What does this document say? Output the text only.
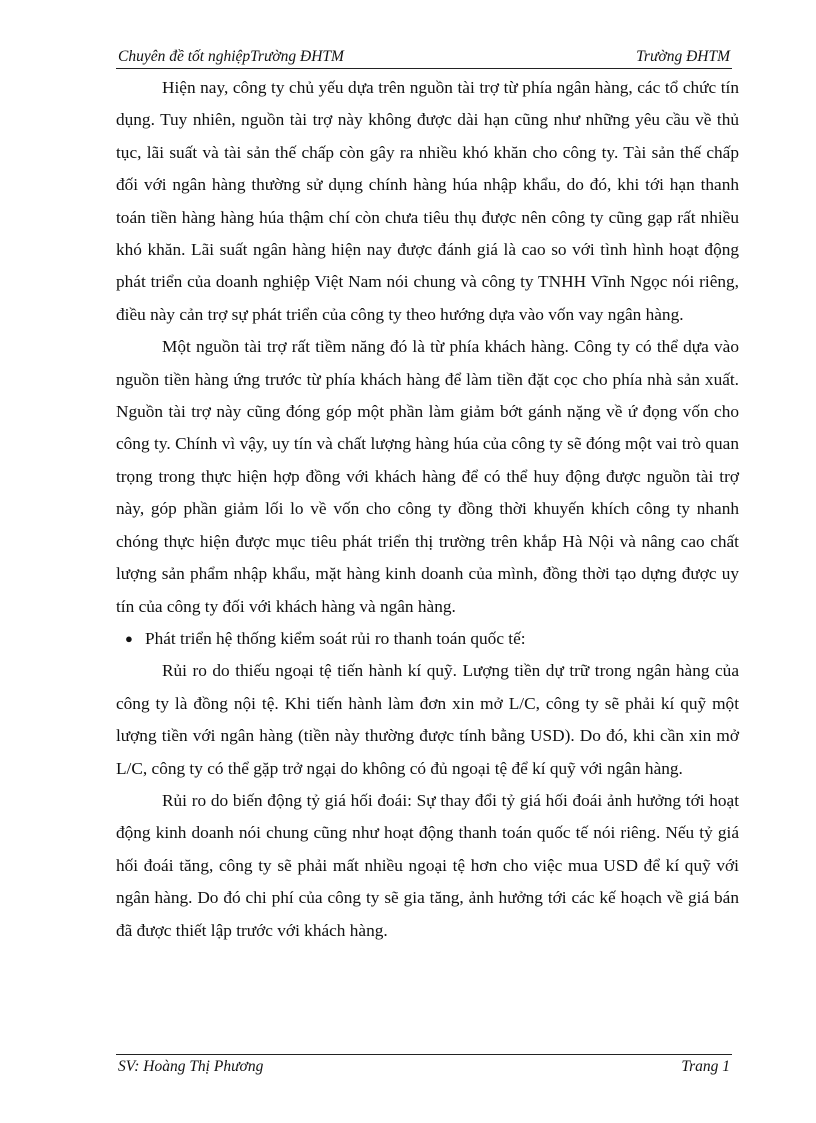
Chuyên đề tốt nghiệpTrường ĐHTM	Trường ĐHTM

Hiện nay, công ty chủ yếu dựa trên nguồn tài trợ từ phía ngân hàng, các tổ chức tín dụng. Tuy nhiên, nguồn tài trợ này không được dài hạn cũng như những yêu cầu về thủ tục, lãi suất và tài sản thế chấp còn gây ra nhiều khó khăn cho công ty. Tài sản thế chấp đối với ngân hàng thường sử dụng chính hàng húa nhập khẩu, do đó, khi tới hạn thanh toán tiền hàng hàng húa thậm chí còn chưa tiêu thụ được nên công ty cũng gạp rất nhiều khó khăn. Lãi suất ngân hàng hiện nay được đánh giá là cao so với tình hình hoạt động phát triển của doanh nghiệp Việt Nam nói chung và công ty TNHH Vĩnh Ngọc nói riêng, điều này cản trợ sự phát triển của công ty theo hướng dựa vào vốn vay ngân hàng.

Một nguồn tài trợ rất tiềm năng đó là từ phía khách hàng. Công ty có thể dựa vào nguồn tiền hàng ứng trước từ phía khách hàng để làm tiền đặt cọc cho phía nhà sản xuất. Nguồn tài trợ này cũng đóng góp một phần làm giảm bớt gánh nặng về ứ đọng vốn cho công ty. Chính vì vậy, uy tín và chất lượng hàng húa của công ty sẽ đóng một vai trò quan trọng trong thực hiện hợp đồng với khách hàng để có thể huy động được nguồn tài trợ này, góp phần giảm lối lo về vốn cho công ty đồng thời khuyến khích công ty nhanh chóng thực hiện được mục tiêu phát triển thị trường trên khắp Hà Nội và nâng cao chất lượng sản phẩm nhập khẩu, mặt hàng kinh doanh của mình, đồng thời tạo dựng được uy tín của công ty đối với khách hàng và ngân hàng.

● Phát triển hệ thống kiểm soát rủi ro thanh toán quốc tế:

Rủi ro do thiếu ngoại tệ tiến hành kí quỹ. Lượng tiền dự trữ trong ngân hàng của công ty là đồng nội tệ. Khi tiến hành làm đơn xin mở L/C, công ty sẽ phải kí quỹ một lượng tiền với ngân hàng (tiền này thường được tính bằng USD). Do đó, khi cần xin mở L/C, công ty có thể gặp trở ngại do không có đủ ngoại tệ để kí quỹ với ngân hàng.

Rủi ro do biến động tỷ giá hối đoái: Sự thay đổi tỷ giá hối đoái ảnh hưởng tới hoạt động kinh doanh nói chung cũng như hoạt động thanh toán quốc tế nói riêng. Nếu tỷ giá hối đoái tăng, công ty sẽ phải mất nhiều ngoại tệ hơn cho việc mua USD để kí quỹ với ngân hàng. Do đó chi phí của công ty sẽ gia tăng, ảnh hưởng tới các kế hoạch về giá bán đã được thiết lập trước với khách hàng.

SV: Hoàng Thị Phương	Trang 1
